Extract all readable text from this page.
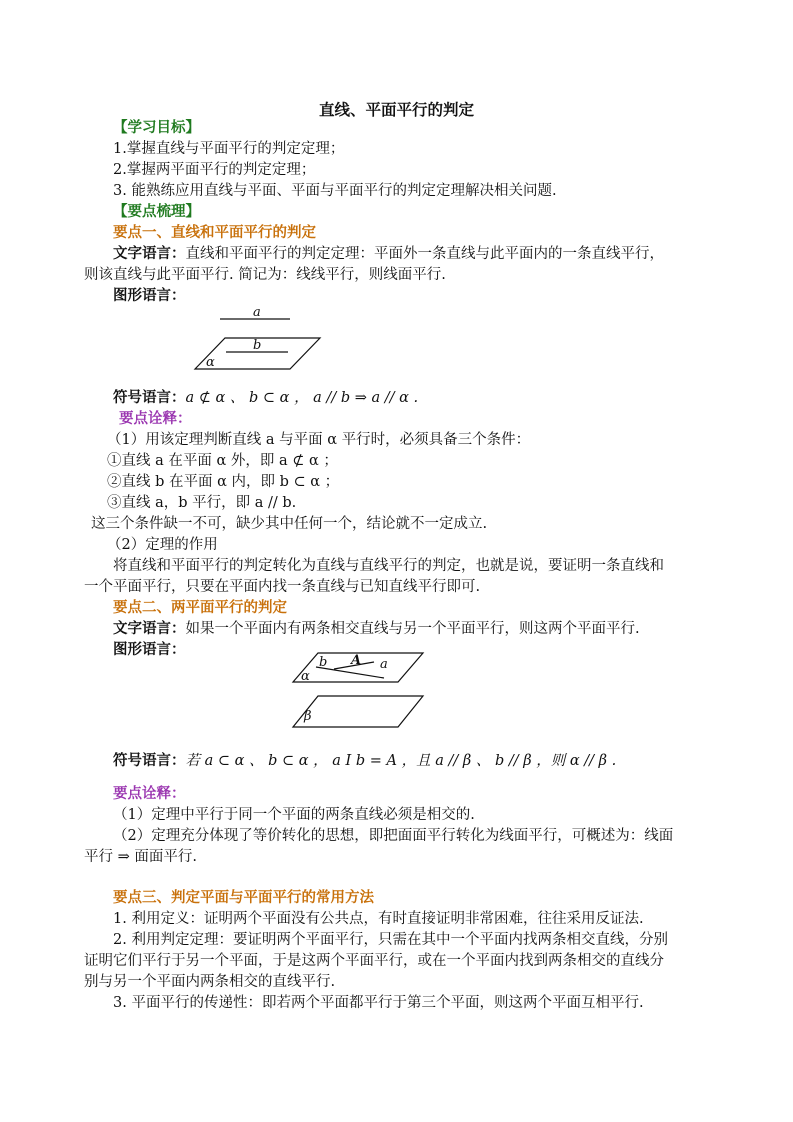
直线、平面平行的判定
【学习目标】
1.掌握直线与平面平行的判定定理；
2.掌握两平面平行的判定定理；
3. 能熟练应用直线与平面、平面与平面平行的判定定理解决相关问题.
【要点梳理】
要点一、直线和平面平行的判定
文字语言：直线和平面平行的判定定理：平面外一条直线与此平面内的一条直线平行，
则该直线与此平面平行. 简记为：线线平行，则线面平行.
图形语言：
a
b
α
符号语言：a ⊄ α 、 b ⊂ α ， a // b ⇒ a // α .
要点诠释：
（1）用该定理判断直线 a 与平面 α 平行时，必须具备三个条件：
①直线 a 在平面 α 外，即 a ⊄ α ；
②直线 b 在平面 α 内，即 b ⊂ α ；
③直线 a，b 平行，即 a // b.
这三个条件缺一不可，缺少其中任何一个，结论就不一定成立.
（2）定理的作用
将直线和平面平行的判定转化为直线与直线平行的判定，也就是说，要证明一条直线和
一个平面平行，只要在平面内找一条直线与已知直线平行即可.
要点二、两平面平行的判定
文字语言：如果一个平面内有两条相交直线与另一个平面平行，则这两个平面平行.
图形语言：
b A a
α
β
符号语言：若 a ⊂ α 、 b ⊂ α ， a I b = A ，且 a // β 、 b // β ，则 α // β .
要点诠释：
（1）定理中平行于同一个平面的两条直线必须是相交的.
（2）定理充分体现了等价转化的思想，即把面面平行转化为线面平行，可概述为：线面
平行 ⇒ 面面平行.
要点三、判定平面与平面平行的常用方法
1. 利用定义：证明两个平面没有公共点，有时直接证明非常困难，往往采用反证法.
2. 利用判定定理：要证明两个平面平行，只需在其中一个平面内找两条相交直线，分别
证明它们平行于另一个平面，于是这两个平面平行，或在一个平面内找到两条相交的直线分
别与另一个平面内两条相交的直线平行.
3. 平面平行的传递性：即若两个平面都平行于第三个平面，则这两个平面互相平行.
